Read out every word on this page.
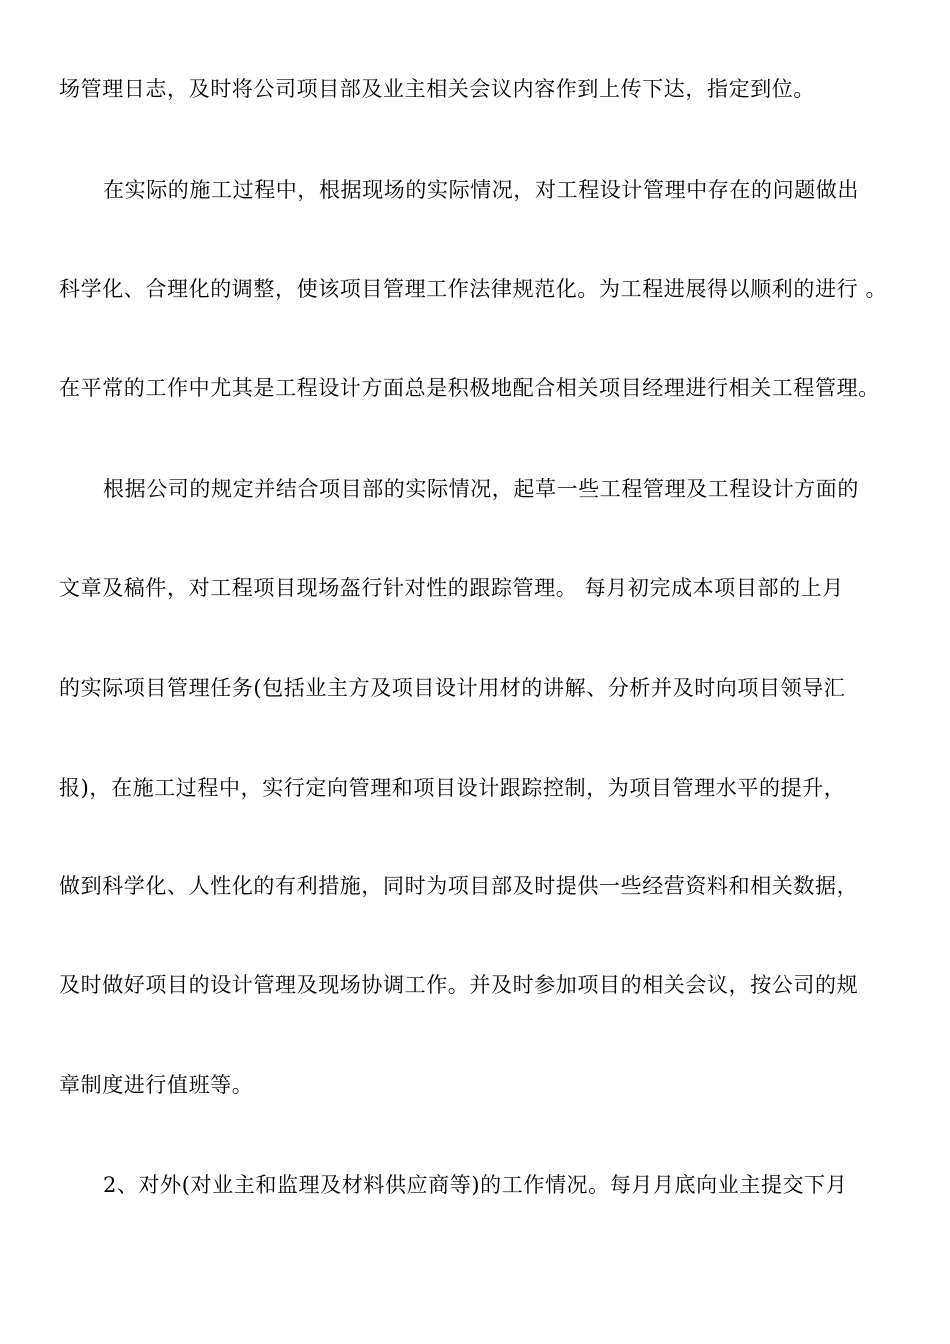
场管理日志，及时将公司项目部及业主相关会议内容作到上传下达，指定到位。
在实际的施工过程中，根据现场的实际情况，对工程设计管理中存在的问题做出
科学化、合理化的调整，使该项目管理工作法律规范化。为工程进展得以顺利的进行 。
在平常的工作中尤其是工程设计方面总是积极地配合相关项目经理进行相关工程管理。
根据公司的规定并结合项目部的实际情况，起草一些工程管理及工程设计方面的
文章及稿件，对工程项目现场盔行针对性的跟踪管理。 每月初完成本项目部的上月
的实际项目管理任务(包括业主方及项目设计用材的讲解、分析并及时向项目领导汇
报)，在施工过程中，实行定向管理和项目设计跟踪控制，为项目管理水平的提升，
做到科学化、人性化的有利措施，同时为项目部及时提供一些经营资料和相关数据，
及时做好项目的设计管理及现场协调工作。并及时参加项目的相关会议，按公司的规
章制度进行值班等。
2、对外(对业主和监理及材料供应商等)的工作情况。每月月底向业主提交下月
